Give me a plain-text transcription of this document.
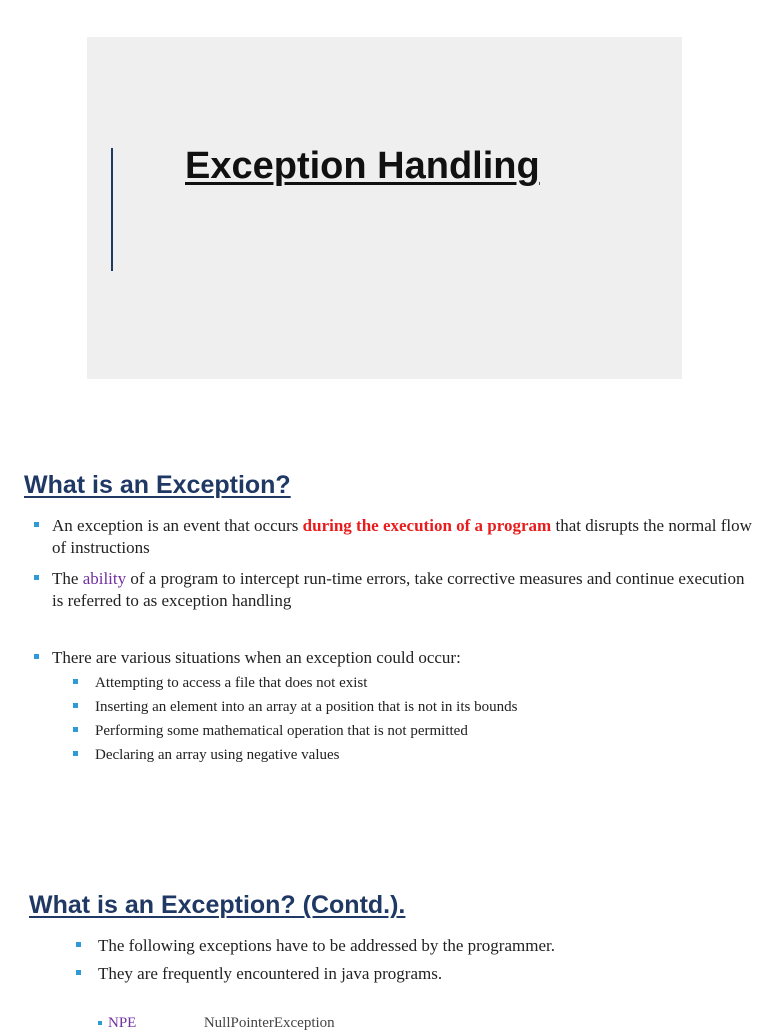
Exception Handling
What is an Exception?
An exception is an event that occurs during the execution of a program that disrupts the normal flow of instructions
The ability of a program to intercept run-time errors, take corrective measures and continue execution is referred to as exception handling
There are various situations when an exception could occur:
Attempting to access a file that does not exist
Inserting an element into an array at a position that is not in its bounds
Performing some mathematical operation that is not permitted
Declaring an array using negative values
What is an Exception? (Contd.).
The following exceptions have to be addressed by the programmer.
They are frequently encountered in java programs.
NPE	NullPointerException
